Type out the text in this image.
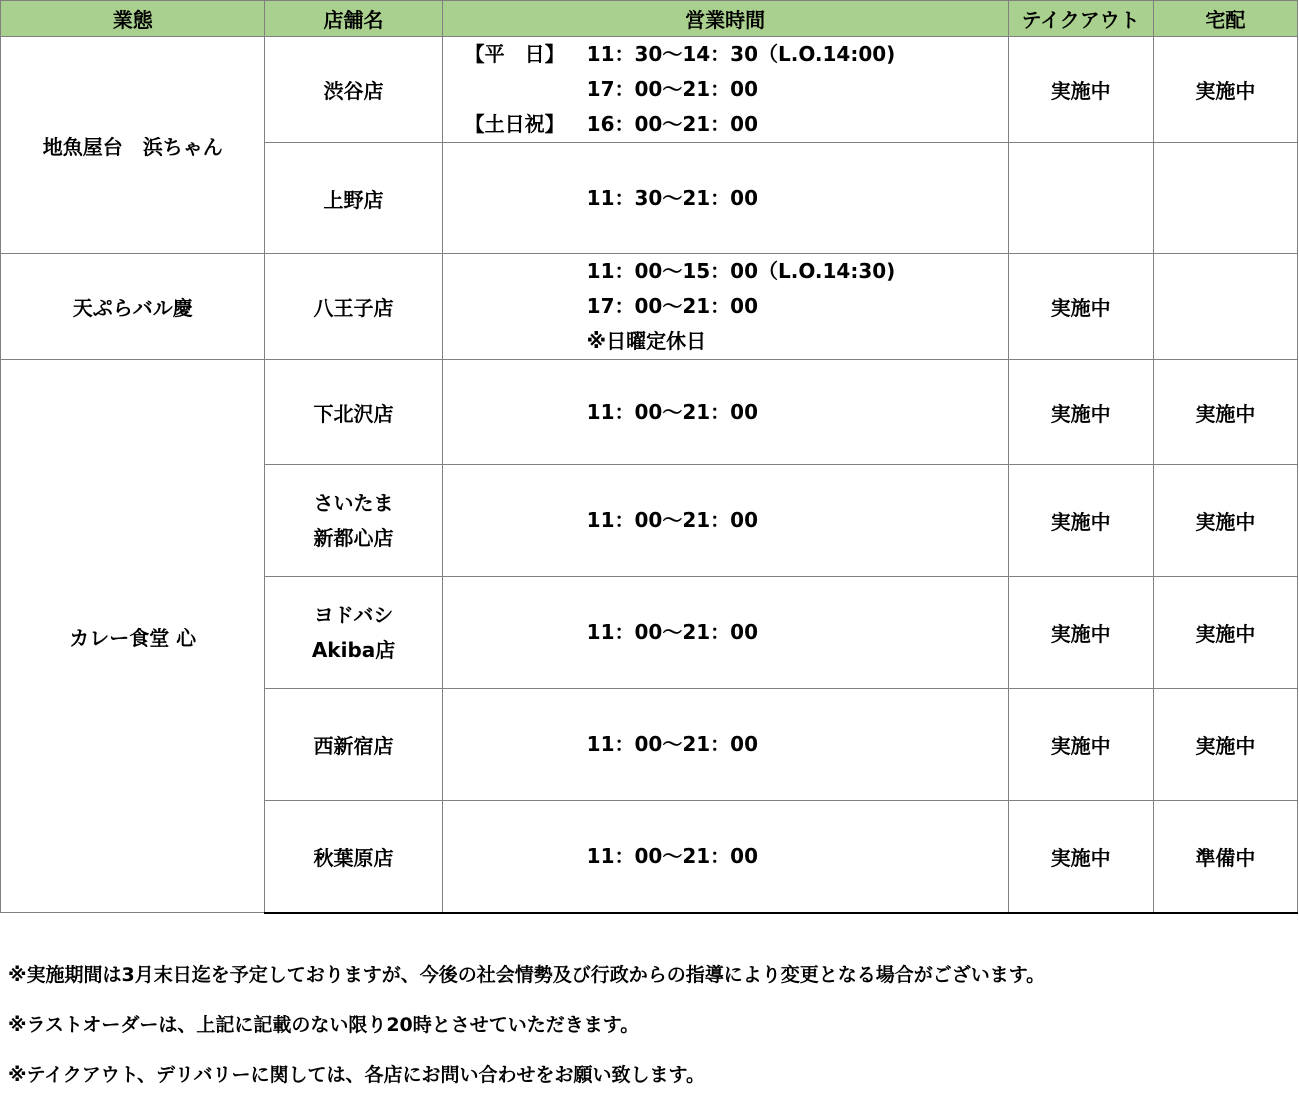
業態	店舗名	営業時間	テイクアウト	宅配
地魚屋台　浜ちゃん	渋谷店	【平　日】 11：30～14：30（L.O.14:00)
17：00～21：00
【土日祝】 16：00～21：00	実施中	実施中
	上野店	11：30～21：00		

天ぷらバル慶	八王子店	11：00～15：00（L.O.14:30)
17：00～21：00
※日曜定休日	実施中	
カレー食堂 心	下北沢店	11：00～21：00	実施中	実施中

	さいたま
新都心店	11：00～21：00	実施中	実施中

	ヨドバシ
Akiba店	11：00～21：00	実施中	実施中
	西新宿店	11：00～21：00	実施中	実施中
	秋葉原店	11：00～21：00	実施中	準備中
※実施期間は3月末日迄を予定しておりますが、今後の社会情勢及び行政からの指導により変更となる場合がございます。
※ラストオーダーは、上記に記載のない限り20時とさせていただきます。
※テイクアウト、デリバリーに関しては、各店にお問い合わせをお願い致します。
